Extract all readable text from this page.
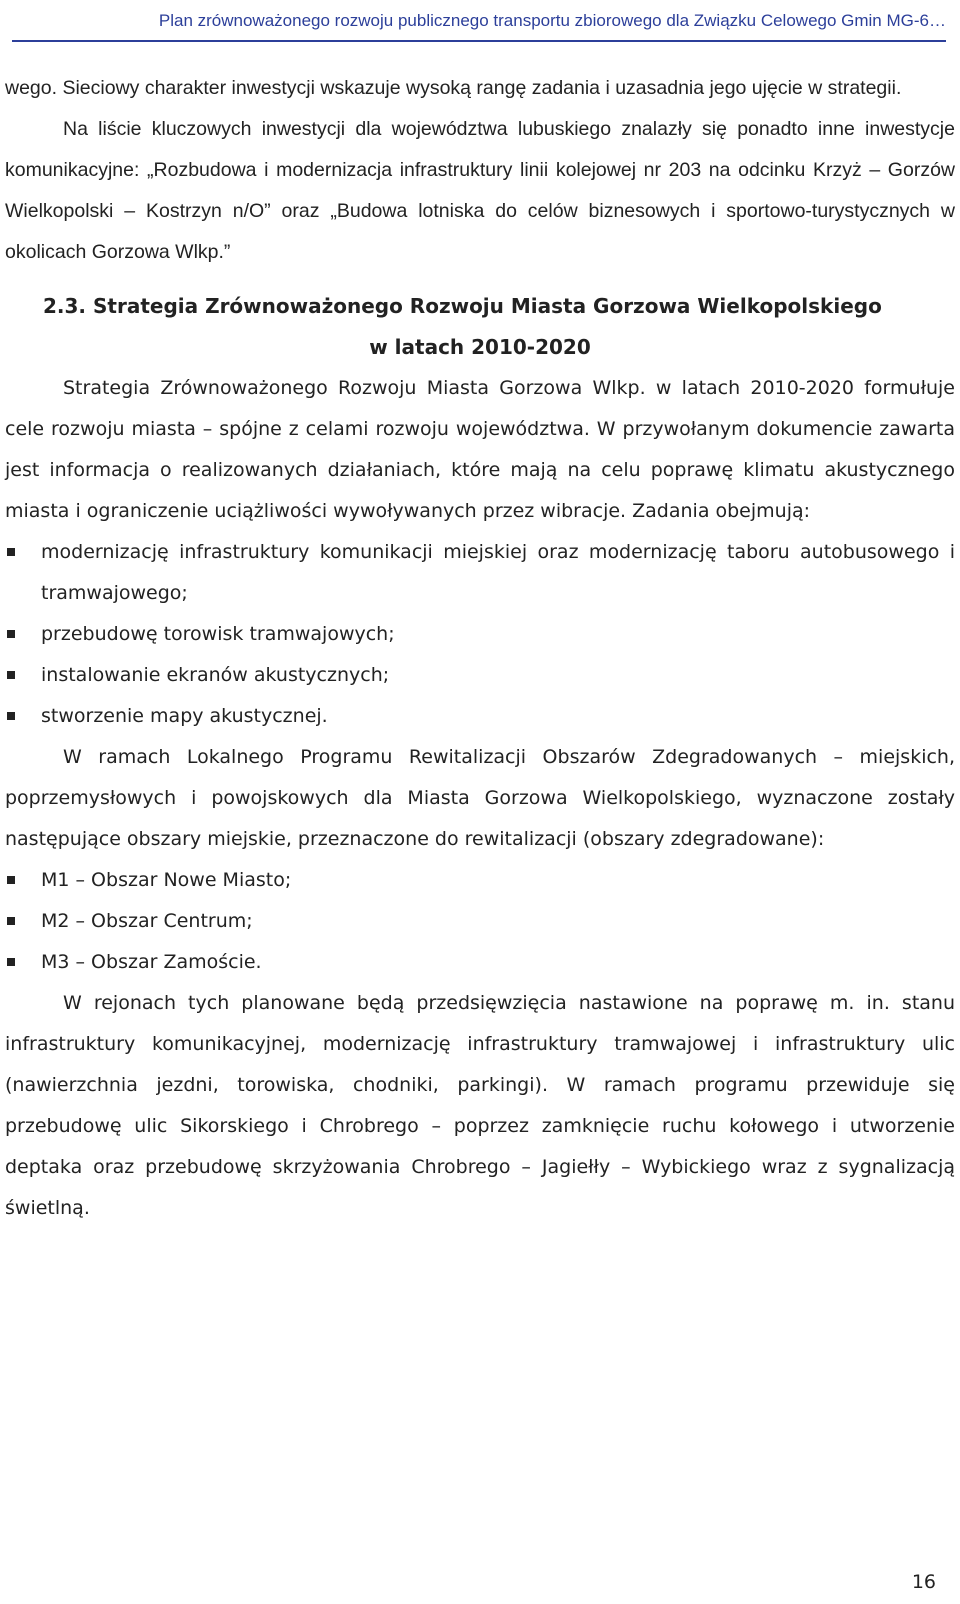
Plan zrównoważonego rozwoju publicznego transportu zbiorowego dla Związku Celowego Gmin MG-6…

wego. Sieciowy charakter inwestycji wskazuje wysoką rangę zadania i uzasadnia jego ujęcie w strategii.

Na liście kluczowych inwestycji dla województwa lubuskiego znalazły się ponadto inne inwestycje komunikacyjne: „Rozbudowa i modernizacja infrastruktury linii kolejowej nr 203 na odcinku Krzyż – Gorzów Wielkopolski – Kostrzyn n/O” oraz „Budowa lotniska do celów biznesowych i sportowo-turystycznych w okolicach Gorzowa Wlkp.”

2.3. Strategia Zrównoważonego Rozwoju Miasta Gorzowa Wielkopolskiego
w latach 2010-2020

Strategia Zrównoważonego Rozwoju Miasta Gorzowa Wlkp. w latach 2010-2020 formułuje cele rozwoju miasta – spójne z celami rozwoju województwa. W przywołanym dokumencie zawarta jest informacja o realizowanych działaniach, które mają na celu poprawę klimatu akustycznego miasta i ograniczenie uciążliwości wywoływanych przez wibracje. Zadania obejmują:

modernizację infrastruktury komunikacji miejskiej oraz modernizację taboru autobusowego i tramwajowego;
przebudowę torowisk tramwajowych;
instalowanie ekranów akustycznych;
stworzenie mapy akustycznej.

W ramach Lokalnego Programu Rewitalizacji Obszarów Zdegradowanych – miejskich, poprzemysłowych i powojskowych dla Miasta Gorzowa Wielkopolskiego, wyznaczone zostały następujące obszary miejskie, przeznaczone do rewitalizacji (obszary zdegradowane):

M1 – Obszar Nowe Miasto;
M2 – Obszar Centrum;
M3 – Obszar Zamoście.

W rejonach tych planowane będą przedsięwzięcia nastawione na poprawę m. in. stanu infrastruktury komunikacyjnej, modernizację infrastruktury tramwajowej i infrastruktury ulic (nawierzchnia jezdni, torowiska, chodniki, parkingi). W ramach programu przewiduje się przebudowę ulic Sikorskiego i Chrobrego – poprzez zamknięcie ruchu kołowego i utworzenie deptaka oraz przebudowę skrzyżowania Chrobrego – Jagiełły – Wybickiego wraz z sygnalizacją świetlną.

16
